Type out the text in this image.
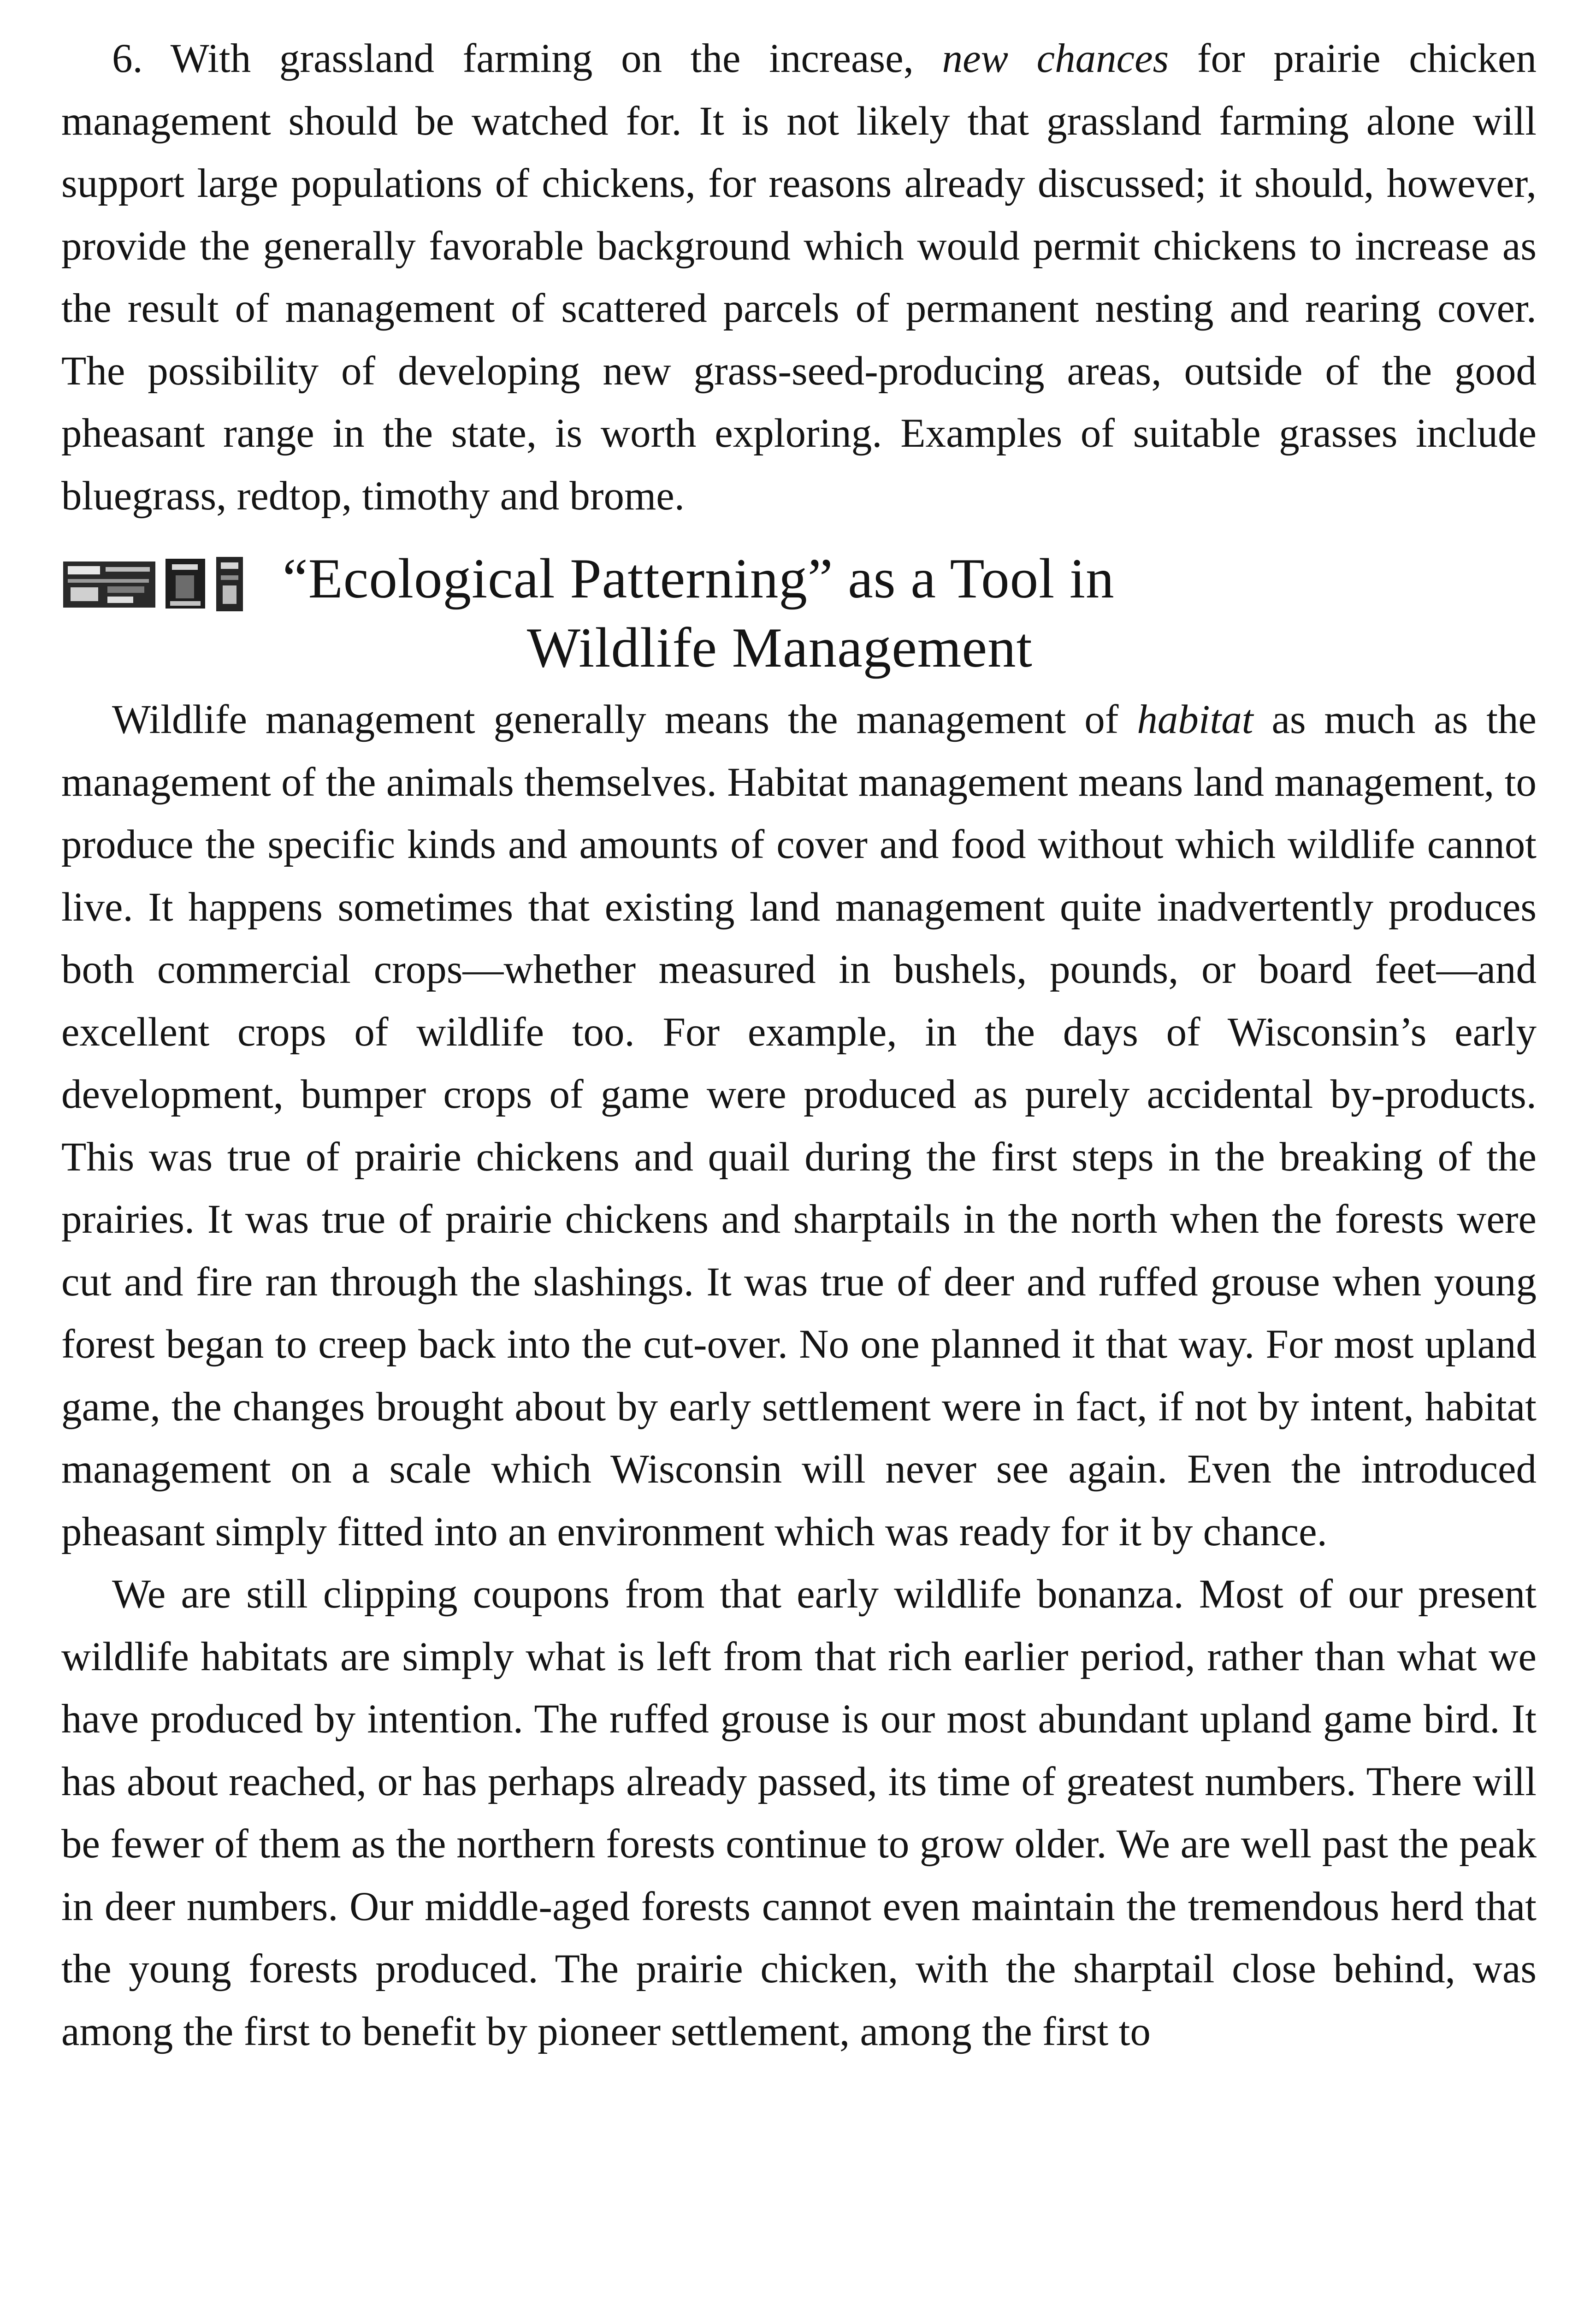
6. With grassland farming on the increase, new chances for prairie chicken management should be watched for. It is not likely that grassland farming alone will support large populations of chickens, for reasons already discussed; it should, however, provide the generally favorable background which would permit chickens to increase as the result of management of scattered parcels of permanent nesting and rearing cover. The possibility of developing new grass-seed-producing areas, outside of the good pheasant range in the state, is worth exploring. Examples of suitable grasses include bluegrass, redtop, timothy and brome.

“Ecological Patterning” as a Tool in
Wildlife Management

Wildlife management generally means the management of habitat as much as the management of the animals themselves. Habitat management means land management, to produce the specific kinds and amounts of cover and food without which wildlife cannot live. It happens sometimes that existing land management quite inadvertently produces both commercial crops—whether measured in bushels, pounds, or board feet—and excellent crops of wildlife too. For example, in the days of Wisconsin’s early development, bumper crops of game were produced as purely accidental by-products. This was true of prairie chickens and quail during the first steps in the breaking of the prairies. It was true of prairie chickens and sharptails in the north when the forests were cut and fire ran through the slashings. It was true of deer and ruffed grouse when young forest began to creep back into the cut-over. No one planned it that way. For most upland game, the changes brought about by early settlement were in fact, if not by intent, habitat management on a scale which Wisconsin will never see again. Even the introduced pheasant simply fitted into an environment which was ready for it by chance.

We are still clipping coupons from that early wildlife bonanza. Most of our present wildlife habitats are simply what is left from that rich earlier period, rather than what we have produced by intention. The ruffed grouse is our most abundant upland game bird. It has about reached, or has perhaps already passed, its time of greatest numbers. There will be fewer of them as the northern forests continue to grow older. We are well past the peak in deer numbers. Our middle-aged forests cannot even maintain the tremendous herd that the young forests produced. The prairie chicken, with the sharptail close behind, was among the first to benefit by pioneer settlement, among the first to
